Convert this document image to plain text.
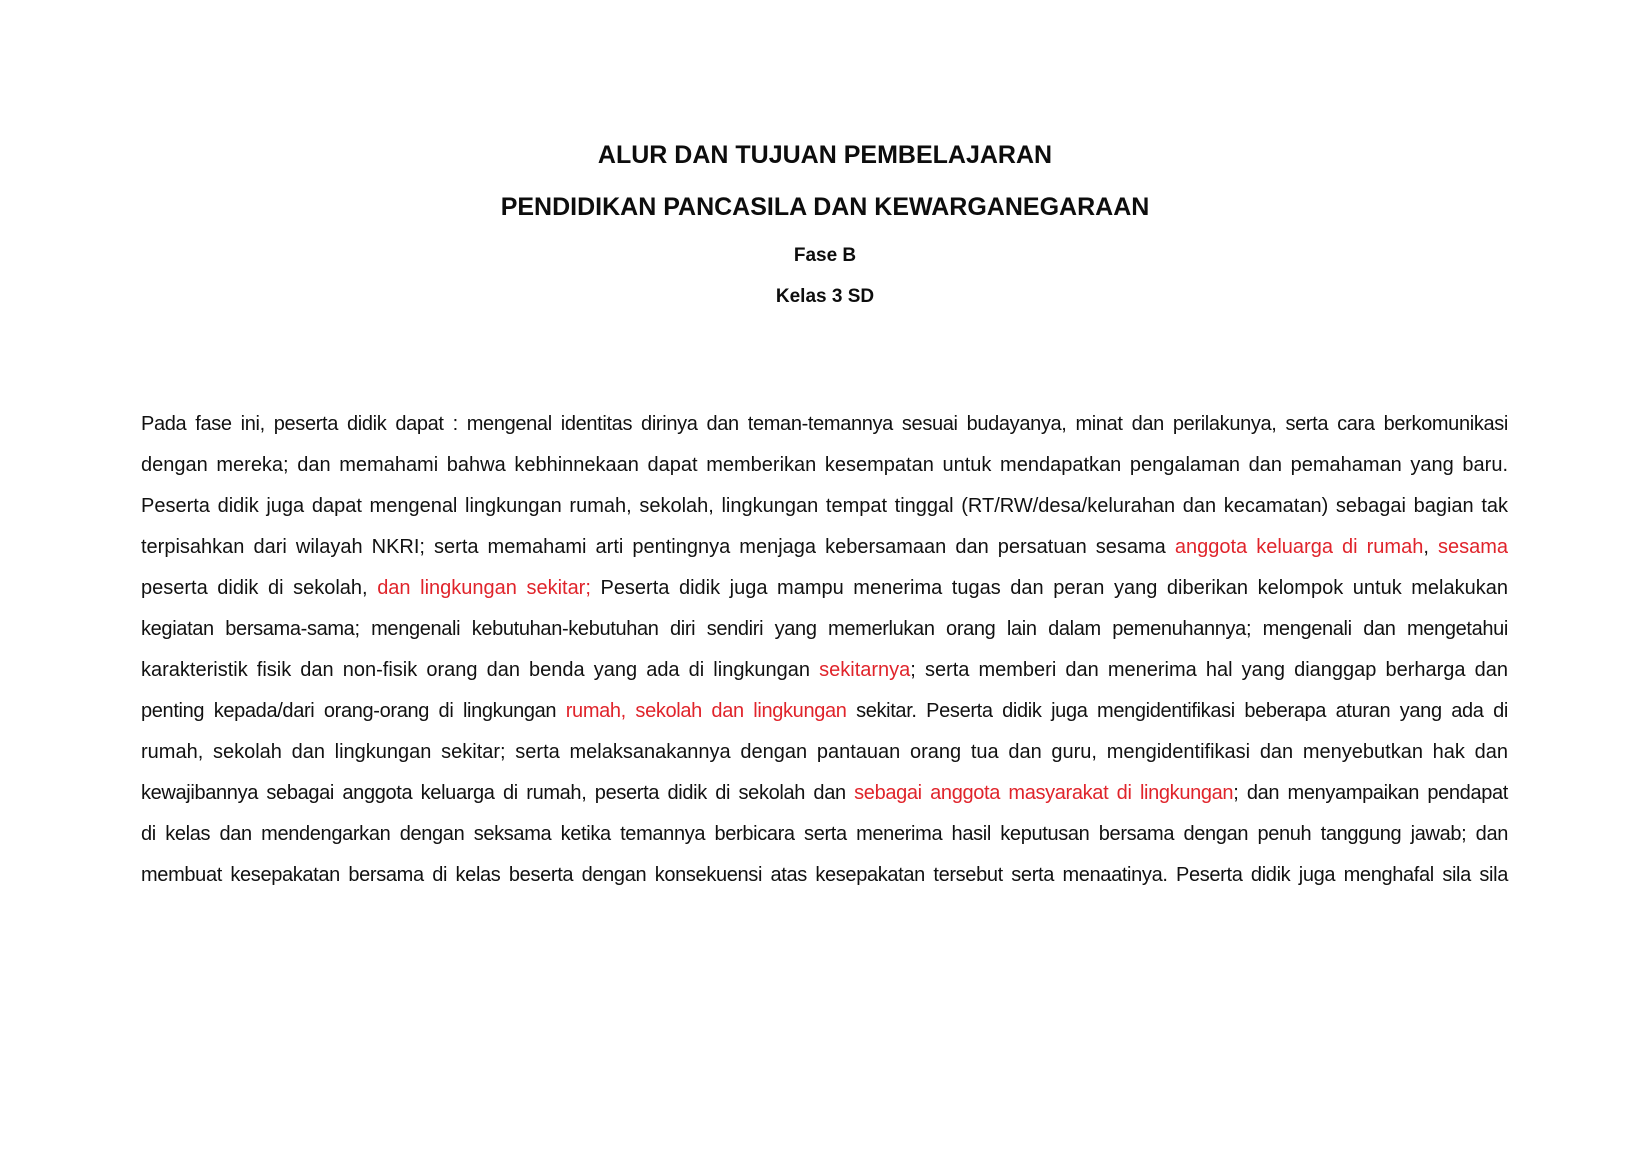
ALUR DAN TUJUAN PEMBELAJARAN
PENDIDIKAN PANCASILA DAN KEWARGANEGARAAN
Fase B
Kelas 3 SD
Pada fase ini, peserta didik dapat : mengenal identitas dirinya dan teman-temannya sesuai budayanya, minat dan perilakunya, serta cara berkomunikasi
dengan mereka; dan memahami bahwa kebhinnekaan dapat memberikan kesempatan untuk mendapatkan pengalaman dan pemahaman yang baru.
Peserta didik juga dapat mengenal lingkungan rumah, sekolah, lingkungan tempat tinggal (RT/RW/desa/kelurahan dan kecamatan) sebagai bagian tak
terpisahkan dari wilayah NKRI; serta memahami arti pentingnya menjaga kebersamaan dan persatuan sesama anggota keluarga di rumah, sesama
peserta didik di sekolah, dan lingkungan sekitar; Peserta didik juga mampu menerima tugas dan peran yang diberikan kelompok untuk melakukan
kegiatan bersama-sama; mengenali kebutuhan-kebutuhan diri sendiri yang memerlukan orang lain dalam pemenuhannya; mengenali dan mengetahui
karakteristik fisik dan non-fisik orang dan benda yang ada di lingkungan sekitarnya; serta memberi dan menerima hal yang dianggap berharga dan
penting kepada/dari orang-orang di lingkungan rumah, sekolah dan lingkungan sekitar. Peserta didik juga mengidentifikasi beberapa aturan yang ada di
rumah, sekolah dan lingkungan sekitar; serta melaksanakannya dengan pantauan orang tua dan guru, mengidentifikasi dan menyebutkan hak dan
kewajibannya sebagai anggota keluarga di rumah, peserta didik di sekolah dan sebagai anggota masyarakat di lingkungan; dan menyampaikan pendapat
di kelas dan mendengarkan dengan seksama ketika temannya berbicara serta menerima hasil keputusan bersama dengan penuh tanggung jawab; dan
membuat kesepakatan bersama di kelas beserta dengan konsekuensi atas kesepakatan tersebut serta menaatinya. Peserta didik juga menghafal sila sila
